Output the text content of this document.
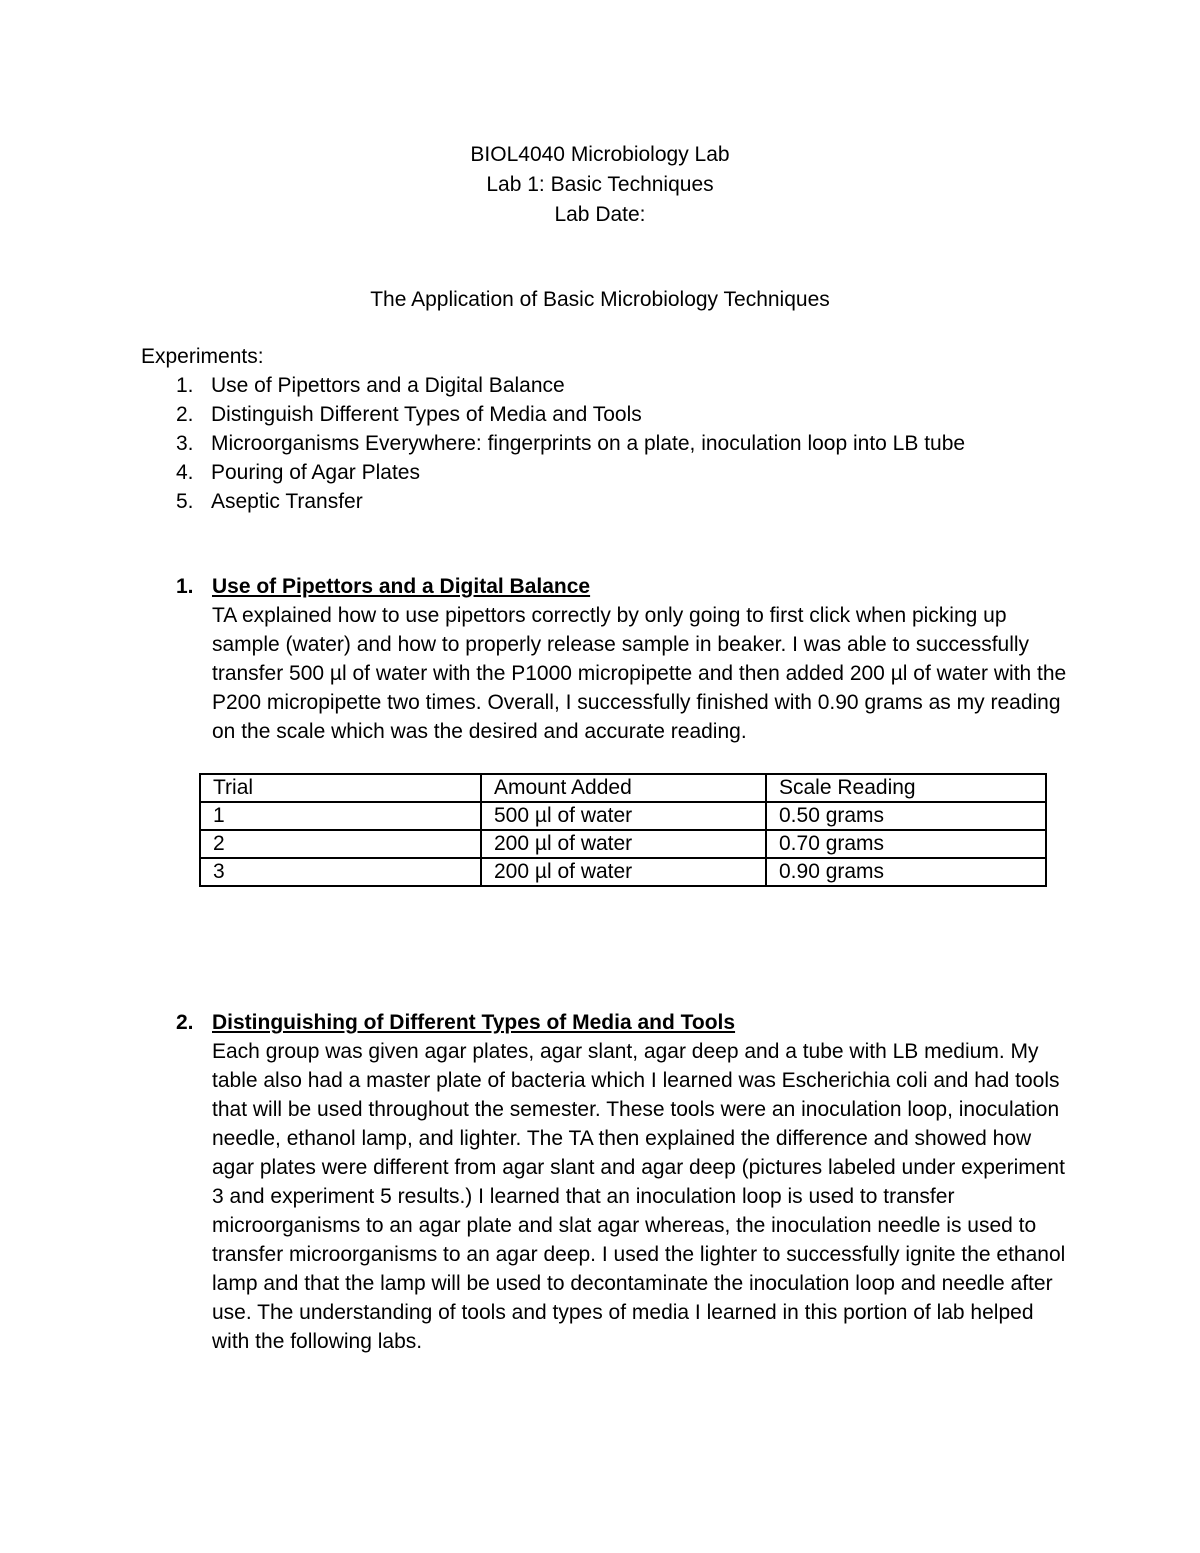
BIOL4040 Microbiology Lab
Lab 1: Basic Techniques
Lab Date:
The Application of Basic Microbiology Techniques
Experiments:
1. Use of Pipettors and a Digital Balance
2. Distinguish Different Types of Media and Tools
3. Microorganisms Everywhere: fingerprints on a plate, inoculation loop into LB tube
4. Pouring of Agar Plates
5. Aseptic Transfer
1. Use of Pipettors and a Digital Balance
TA explained how to use pipettors correctly by only going to first click when picking up sample (water) and how to properly release sample in beaker. I was able to successfully transfer 500 µl of water with the P1000 micropipette and then added 200 µl of water with the P200 micropipette two times. Overall, I successfully finished with 0.90 grams as my reading on the scale which was the desired and accurate reading.
Trial	Amount Added	Scale Reading
1	500 µl of water	0.50 grams
2	200 µl of water	0.70 grams
3	200 µl of water	0.90 grams
2. Distinguishing of Different Types of Media and Tools
Each group was given agar plates, agar slant, agar deep and a tube with LB medium. My table also had a master plate of bacteria which I learned was Escherichia coli and had tools that will be used throughout the semester. These tools were an inoculation loop, inoculation needle, ethanol lamp, and lighter. The TA then explained the difference and showed how agar plates were different from agar slant and agar deep (pictures labeled under experiment 3 and experiment 5 results.) I learned that an inoculation loop is used to transfer microorganisms to an agar plate and slat agar whereas, the inoculation needle is used to transfer microorganisms to an agar deep. I used the lighter to successfully ignite the ethanol lamp and that the lamp will be used to decontaminate the inoculation loop and needle after use. The understanding of tools and types of media I learned in this portion of lab helped with the following labs.
